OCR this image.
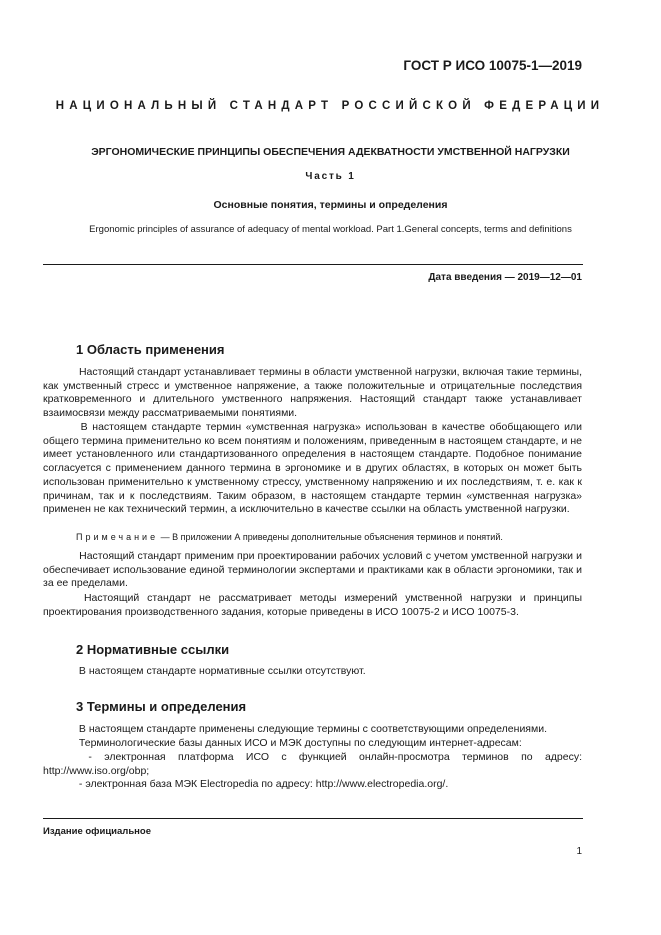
ГОСТ Р ИСО 10075-1—2019
НАЦИОНАЛЬНЫЙ СТАНДАРТ РОССИЙСКОЙ ФЕДЕРАЦИИ
ЭРГОНОМИЧЕСКИЕ ПРИНЦИПЫ ОБЕСПЕЧЕНИЯ АДЕКВАТНОСТИ УМСТВЕННОЙ НАГРУЗКИ
Часть 1
Основные понятия, термины и определения
Ergonomic principles of assurance of adequacy of mental workload. Part 1.General concepts, terms and definitions
Дата введения — 2019—12—01
1 Область применения
Настоящий стандарт устанавливает термины в области умственной нагрузки, включая такие термины, как умственный стресс и умственное напряжение, а также положительные и отрицательные последствия кратковременного и длительного умственного напряжения. Настоящий стандарт также устанавливает взаимосвязи между рассматриваемыми понятиями.
В настоящем стандарте термин «умственная нагрузка» использован в качестве обобщающего или общего термина применительно ко всем понятиям и положениям, приведенным в настоящем стандарте, и не имеет установленного или стандартизованного определения в настоящем стандарте. Подобное понимание согласуется с применением данного термина в эргономике и в других областях, в которых он может быть использован применительно к умственному стрессу, умственному напряжению и их последствиям, т. е. как к причинам, так и к последствиям. Таким образом, в настоящем стандарте термин «умственная нагрузка» применен не как технический термин, а исключительно в качестве ссылки на область умственной нагрузки.
Примечание — В приложении А приведены дополнительные объяснения терминов и понятий.
Настоящий стандарт применим при проектировании рабочих условий с учетом умственной нагрузки и обеспечивает использование единой терминологии экспертами и практиками как в области эргономики, так и за ее пределами.
Настоящий стандарт не рассматривает методы измерений умственной нагрузки и принципы проектирования производственного задания, которые приведены в ИСО 10075-2 и ИСО 10075-3.
2 Нормативные ссылки
В настоящем стандарте нормативные ссылки отсутствуют.
3 Термины и определения
В настоящем стандарте применены следующие термины с соответствующими определениями.
Терминологические базы данных ИСО и МЭК доступны по следующим интернет-адресам:
- электронная платформа ИСО с функцией онлайн-просмотра терминов по адресу: http://www.iso.org/obp;
- электронная база МЭК Electropedia по адресу: http://www.electropedia.org/.
Издание официальное
1
